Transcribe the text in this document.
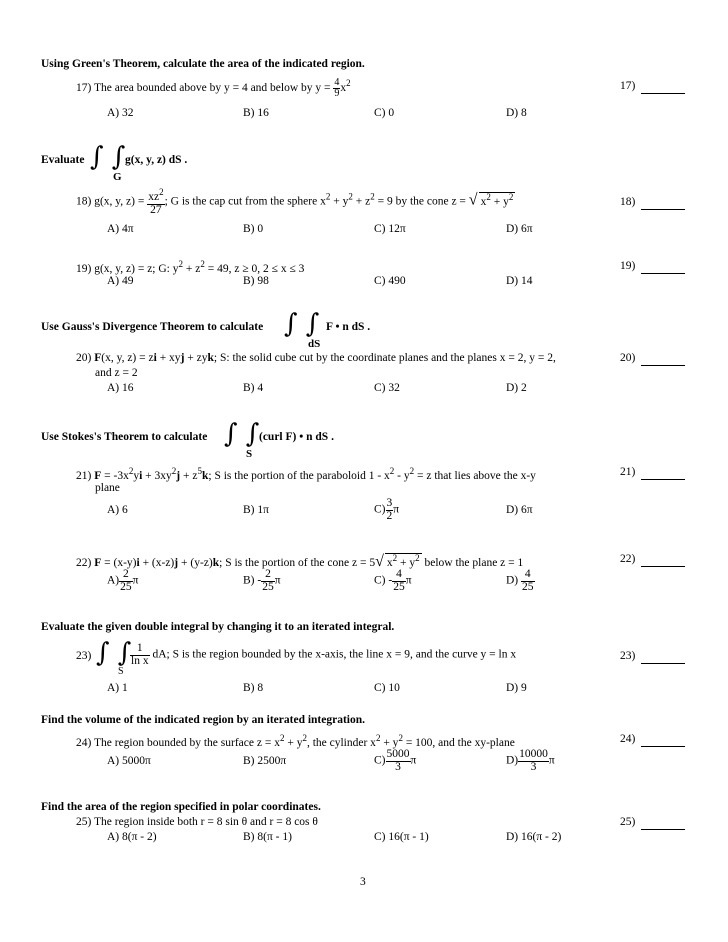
Using Green's Theorem, calculate the area of the indicated region.
17) The area bounded above by y = 4 and below by $y = \frac{4}{9} x^2$	17)
A) 32	B) 16	C) 0	D) 8
Evaluate ∫ ∫
G
g(x, y, z) dS .
18) g(x, y, $z) = \frac{xz^2}{27}$ ; G is the cap cut from the sphere $x^2 + y^2 + z^2 = 9$ by the cone z = √ $x^2 + y^2$	18)
A) 4π	B) 0	C) 12π	D) 6π
19) g(x, y, z) = z; G: $y^2 + z^2 = 49$, z ≥ 0, 2 ≤ x ≤ 3	19)
A) 49	B) 98	C) 490	D) 14
Use Gauss's Divergence Theorem to calculate ∫ ∫
dS
F • n dS .
20) F(x, y, z) = zi + xyj + zyk; S: the solid cube cut by the coordinate planes and the planes x = 2, y = 2,
and z = 2
20)
A) 16	B) 4	C) 32	D) 2
Use Stokes's Theorem to calculate ∫ ∫
S
(curl F) • n dS .
21) $F = -3x^2yi + 3xy^2j + z^5k$; S is the portion of the paraboloid $1 - x^2 - y^2 = z$ that lies above the x-y
plane
21)
A) 6	B) 1π	$C) \frac{3}{2}$ π	D) 6π
22) F = (x-y)i + (x-z)j + (y-z)k; S is the portion of the cone z = 5√ $x^2 + y^2$ below the plane z = 1	22)
$A) \frac{2}{25}$ π	$B) - \frac{2}{25}$ π	$C) - \frac{4}{25}$ π	$D) \frac{4}{25}$
Evaluate the given double integral by changing it to an iterated integral.
23) ∫ ∫
S
$\frac{1}{\text{ln x}}$ dA; S is the region bounded by the x-axis, the line x = 9, and the curve y = ln x	23)
A) 1	B) 8	C) 10	D) 9
Find the volume of the indicated region by an iterated integration.
24) The region bounded by the surface $z = x^2 + y^2$, the cylinder $x^2 + y^2 = 100$, and the xy-plane	24)
A) 5000π	B) 2500π	$C) \frac{5000}{3}$ π	$D) \frac{10000}{3}$ π
Find the area of the region specified in polar coordinates.
25) The region inside both r = 8 sin θ and r = 8 cos θ	25)
A) 8(π - 2)	B) 8(π - 1)	C) 16(π - 1)	D) 16(π - 2)
3
